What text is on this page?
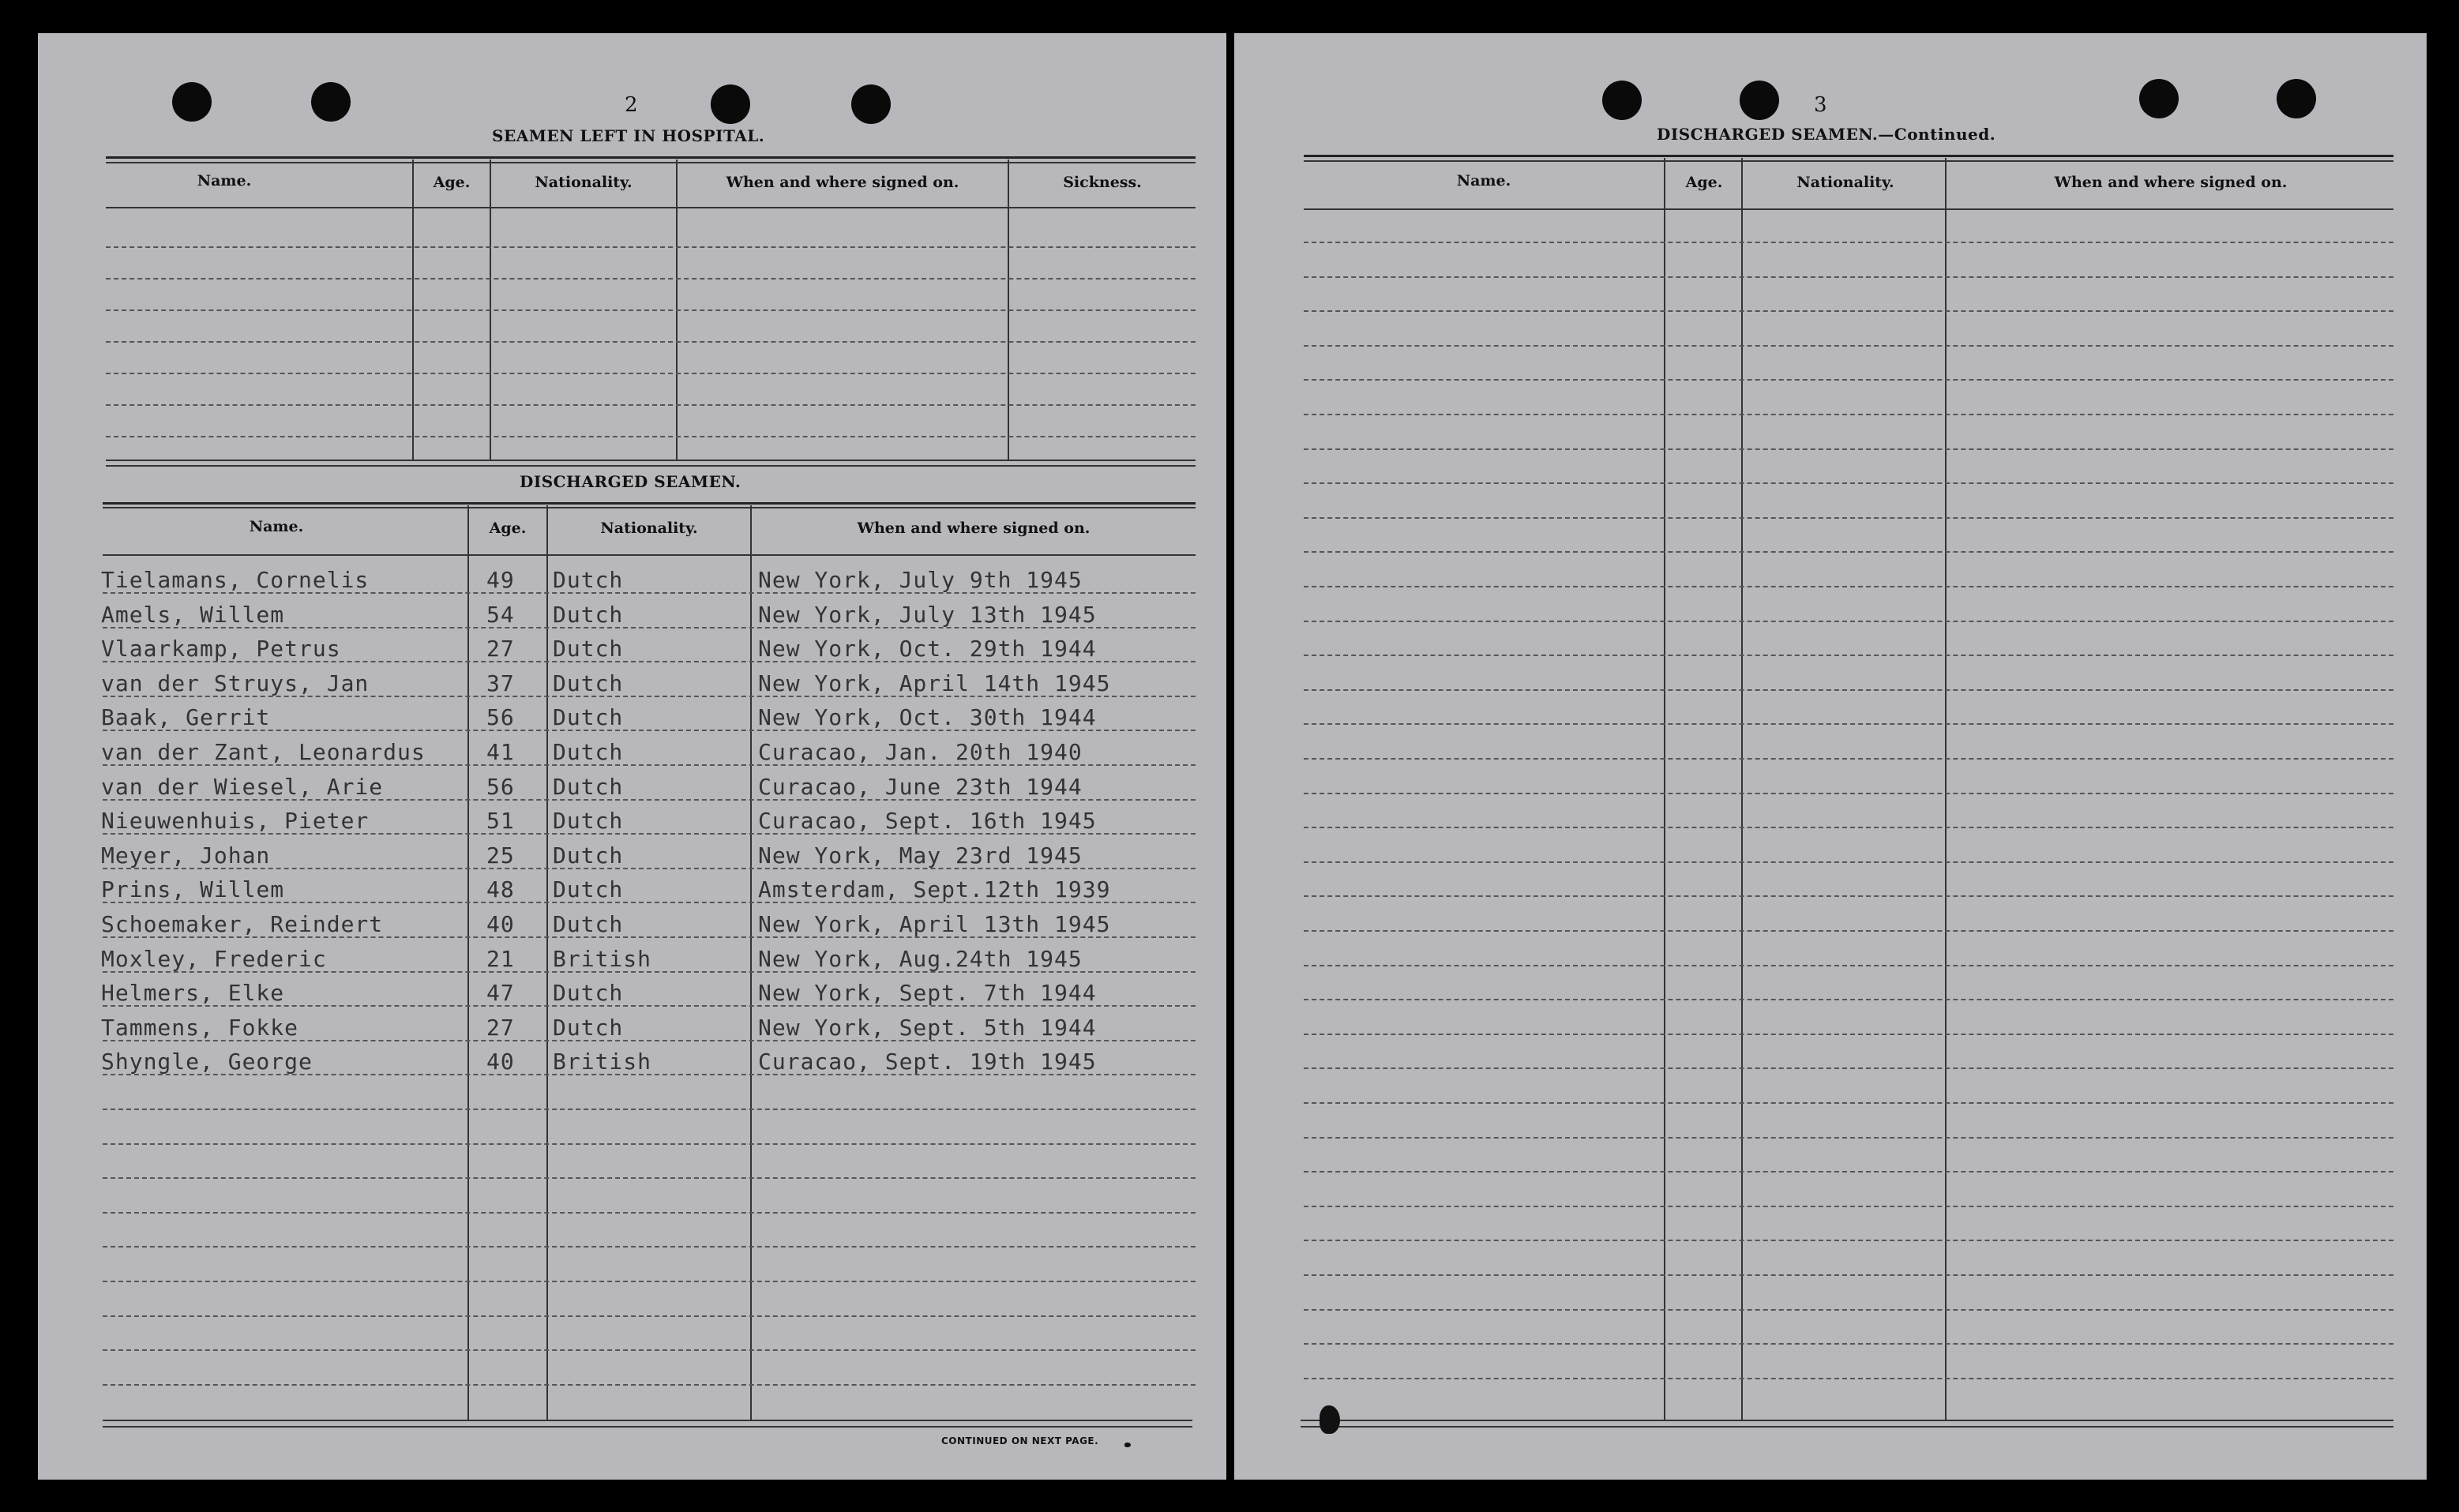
2
SEAMEN LEFT IN HOSPITAL.
Name.	Age.	Nationality.	When and where signed on.	Sickness.
DISCHARGED SEAMEN.
Name.	Age.	Nationality.	When and where signed on.
Tielamans, Cornelis	49 Dutch	New York, July 9th 1945
Amels, Willem	54 Dutch	New York, July 13th 1945
Vlaarkamp, Petrus	27 Dutch	New York, Oct. 29th 1944
van der Struys, Jan	37 Dutch	New York, April 14th 1945
Baak, Gerrit	56 Dutch	New York, Oct. 30th 1944
van der Zant, Leonardus	41 Dutch	Curacao, Jan. 20th 1940
van der Wiesel, Arie	56 Dutch	Curacao, June 23th 1944
Nieuwenhuis, Pieter	51 Dutch	Curacao, Sept. 16th 1945
Meyer, Johan	25 Dutch	New York, May 23rd 1945
Prins, Willem	48 Dutch	Amsterdam, Sept.12th 1939
Schoemaker, Reindert	40 Dutch	New York, April 13th 1945
Moxley, Frederic	21 British	New York, Aug.24th 1945
Helmers, Elke	47 Dutch	New York, Sept. 7th 1944
Tammens, Fokke	27 Dutch	New York, Sept. 5th 1944
Shyngle, George	40 British	Curacao, Sept. 19th 1945
CONTINUED ON NEXT PAGE.
3
DISCHARGED SEAMEN.—Continued.
Name.	Age.	Nationality.	When and where signed on.
